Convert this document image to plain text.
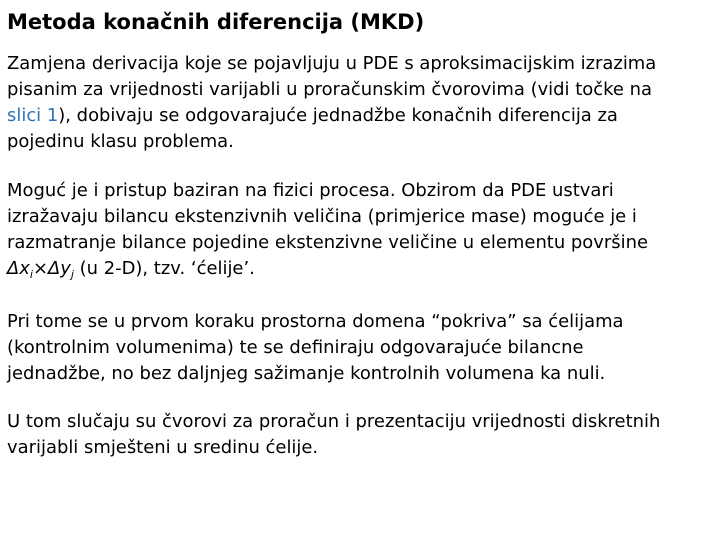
Metoda konačnih diferencija (MKD)
Zamjena derivacija koje se pojavljuju u PDE s aproksimacijskim izrazima
pisanim za vrijednosti varijabli u proračunskim čvorovima (vidi točke na
slici 1), dobivaju se odgovarajuće jednadžbe konačnih diferencija za
pojedinu klasu problema.
Moguć je i pristup baziran na fizici procesa. Obzirom da PDE ustvari
izražavaju bilancu ekstenzivnih veličina (primjerice mase) moguće je i
razmatranje bilance pojedine ekstenzivne veličine u elementu površine
$\Delta x_i\times\Delta y_j$ (u 2-D), tzv. ‘ćelije’.
Pri tome se u prvom koraku prostorna domena “pokriva” sa ćelijama
(kontrolnim volumenima) te se definiraju odgovarajuće bilancne
jednadžbe, no bez daljnjeg sažimanje kontrolnih volumena ka nuli.
U tom slučaju su čvorovi za proračun i prezentaciju vrijednosti diskretnih
varijabli smješteni u sredinu ćelije.
